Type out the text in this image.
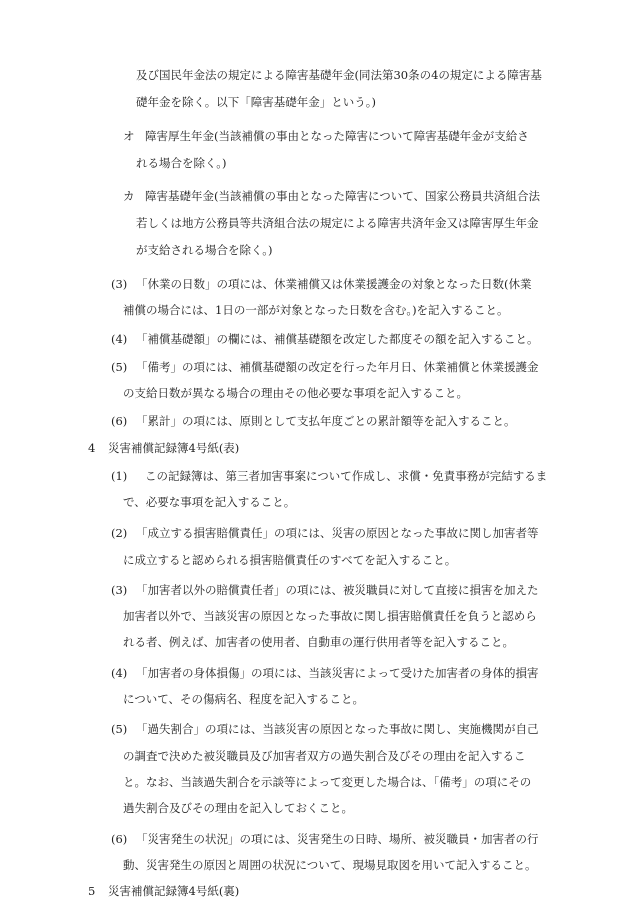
及び国民年金法の規定による障害基礎年金(同法第30条の4の規定による障害基
礎年金を除く。以下「障害基礎年金」という。)
オ 障害厚生年金(当該補償の事由となった障害について障害基礎年金が支給さ
れる場合を除く。)
カ 障害基礎年金(当該補償の事由となった障害について、国家公務員共済組合法
若しくは地方公務員等共済組合法の規定による障害共済年金又は障害厚生年金
が支給される場合を除く。)
(3) 「休業の日数」の項には、休業補償又は休業援護金の対象となった日数(休業
補償の場合には、1日の一部が対象となった日数を含む。)を記入すること。
(4) 「補償基礎額」の欄には、補償基礎額を改定した都度その額を記入すること。
(5) 「備考」の項には、補償基礎額の改定を行った年月日、休業補償と休業援護金
の支給日数が異なる場合の理由その他必要な事項を記入すること。
(6) 「累計」の項には、原則として支払年度ごとの累計額等を記入すること。
4 災害補償記録簿4号紙(表)
(1) この記録簿は、第三者加害事案について作成し、求償・免責事務が完結するま
で、必要な事項を記入すること。
(2) 「成立する損害賠償責任」の項には、災害の原因となった事故に関し加害者等
に成立すると認められる損害賠償責任のすべてを記入すること。
(3) 「加害者以外の賠償責任者」の項には、被災職員に対して直接に損害を加えた
加害者以外で、当該災害の原因となった事故に関し損害賠償責任を負うと認めら
れる者、例えば、加害者の使用者、自動車の運行供用者等を記入すること。
(4) 「加害者の身体損傷」の項には、当該災害によって受けた加害者の身体的損害
について、その傷病名、程度を記入すること。
(5) 「過失割合」の項には、当該災害の原因となった事故に関し、実施機関が自己
の調査で決めた被災職員及び加害者双方の過失割合及びその理由を記入するこ
と。なお、当該過失割合を示談等によって変更した場合は、「備考」の項にその
過失割合及びその理由を記入しておくこと。
(6) 「災害発生の状況」の項には、災害発生の日時、場所、被災職員・加害者の行
動、災害発生の原因と周囲の状況について、現場見取図を用いて記入すること。
5 災害補償記録簿4号紙(裏)
